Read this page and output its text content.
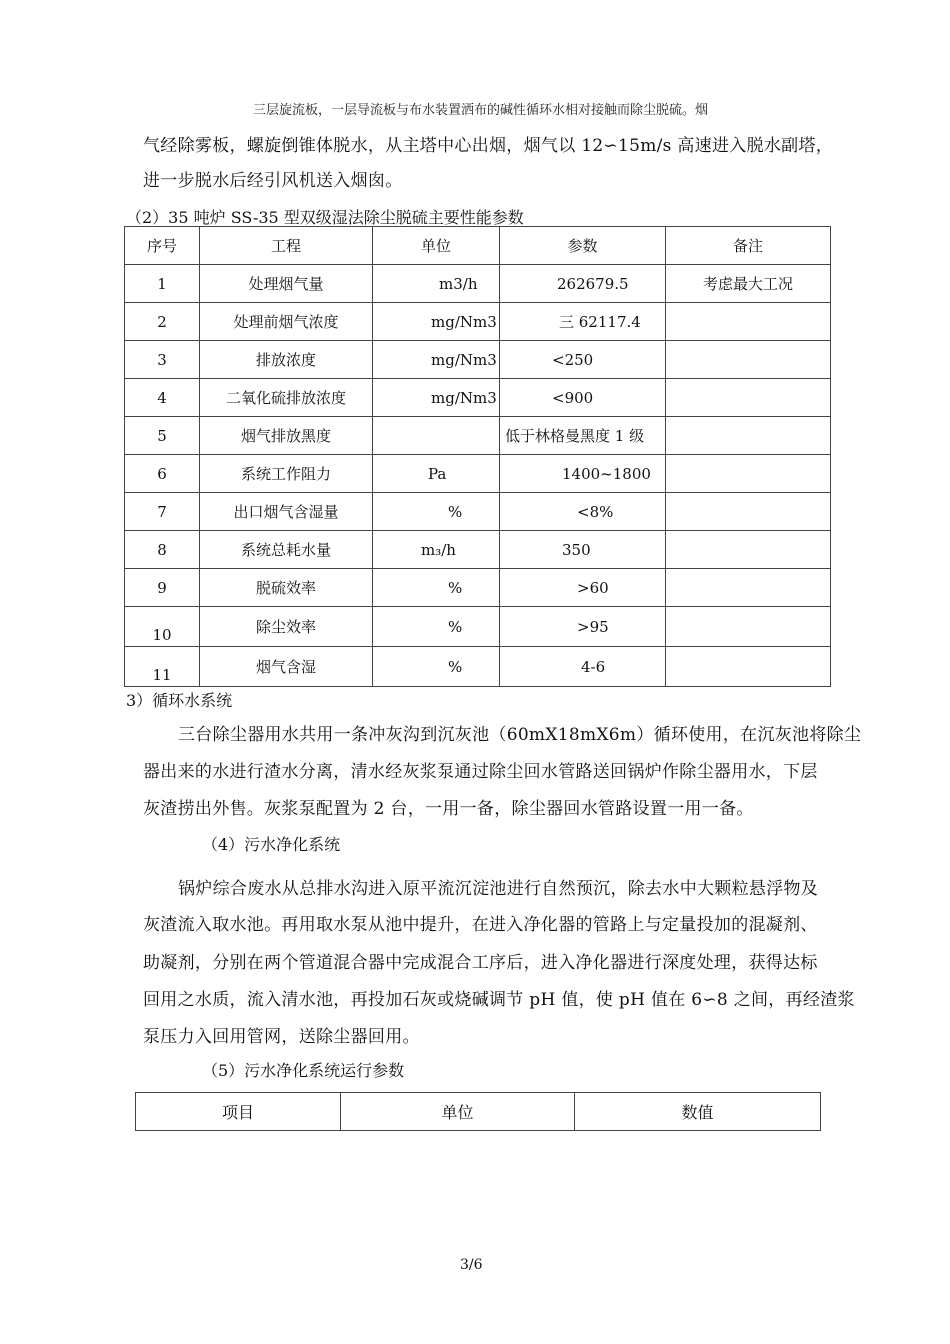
三层旋流板，一层导流板与布水装置洒布的碱性循环水相对接触而除尘脱硫。烟
气经除雾板，螺旋倒锥体脱水，从主塔中心出烟，烟气以 12∽15m/s 高速进入脱水副塔，
进一步脱水后经引风机送入烟囱。
（2）35 吨炉 SS-35 型双级湿法除尘脱硫主要性能参数
序号	工程	单位	参数	备注
1	处理烟气量	m3/h	262679.5	考虑最大工况
2	处理前烟气浓度	mg/Nm3	三 62117.4	
3	排放浓度	mg/Nm3	<250	
4	二氧化硫排放浓度	mg/Nm3	<900	
5	烟气排放黑度		低于林格曼黑度 1 级	
6	系统工作阻力	Pa	1400~1800	
7	出口烟气含湿量	%	<8%	
8	系统总耗水量	m₃/h	350	
9	脱硫效率	%	>60	
10	除尘效率	%	>95	
11	烟气含湿	%	4-6	
3）循环水系统
三台除尘器用水共用一条冲灰沟到沉灰池（60mX18mX6m）循环使用，在沉灰池将除尘
器出来的水进行渣水分离，清水经灰浆泵通过除尘回水管路送回锅炉作除尘器用水，下层
灰渣捞出外售。灰浆泵配置为 2 台，一用一备，除尘器回水管路设置一用一备。
（4）污水净化系统
锅炉综合废水从总排水沟进入原平流沉淀池进行自然预沉，除去水中大颗粒悬浮物及
灰渣流入取水池。再用取水泵从池中提升，在进入净化器的管路上与定量投加的混凝剂、
助凝剂，分别在两个管道混合器中完成混合工序后，进入净化器进行深度处理，获得达标
回用之水质，流入清水池，再投加石灰或烧碱调节 pH 值，使 pH 值在 6∽8 之间，再经渣浆
泵压力入回用管网，送除尘器回用。
（5）污水净化系统运行参数
项目	单位	数值
3/6
